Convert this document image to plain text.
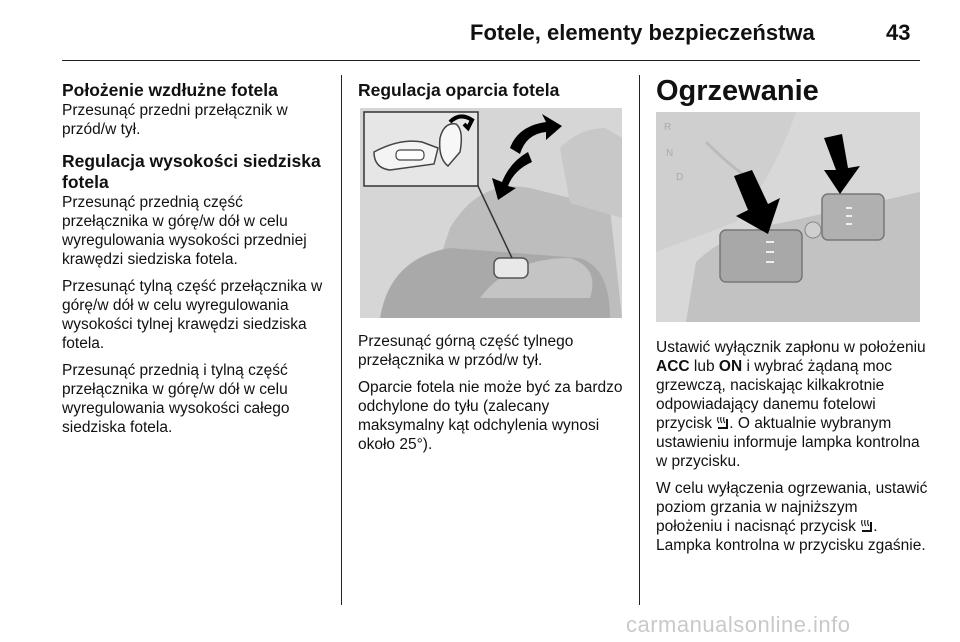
Fotele, elementy bezpieczeństwa	43
Położenie wzdłużne fotela

Przesunąć przedni przełącznik w przód/w tył.

Regulacja wysokości siedziska fotela

Przesunąć przednią część przełącznika w górę/w dół w celu wyregulowania wysokości przedniej krawędzi siedziska fotela.

Przesunąć tylną część przełącznika w górę/w dół w celu wyregulowania wysokości tylnej krawędzi siedziska fotela.

Przesunąć przednią i tylną część przełącznika w górę/w dół w celu wyregulowania wysokości całego siedziska fotela.

Regulacja oparcia fotela

Przesunąć górną część tylnego przełącznika w przód/w tył.

Oparcie fotela nie może być za bardzo odchylone do tyłu (zalecany maksymalny kąt odchylenia wynosi około 25°).

Ogrzewanie
R
N
D

Ustawić wyłącznik zapłonu w położeniu ACC lub ON i wybrać żądaną moc grzewczą, naciskając kilkakrotnie odpowiadający danemu fotelowi przycisk . O aktualnie wybranym ustawieniu informuje lampka kontrolna w przycisku.

W celu wyłączenia ogrzewania, ustawić poziom grzania w najniższym położeniu i nacisnąć przycisk . Lampka kontrolna w przycisku zgaśnie.

carmanualsonline.info
